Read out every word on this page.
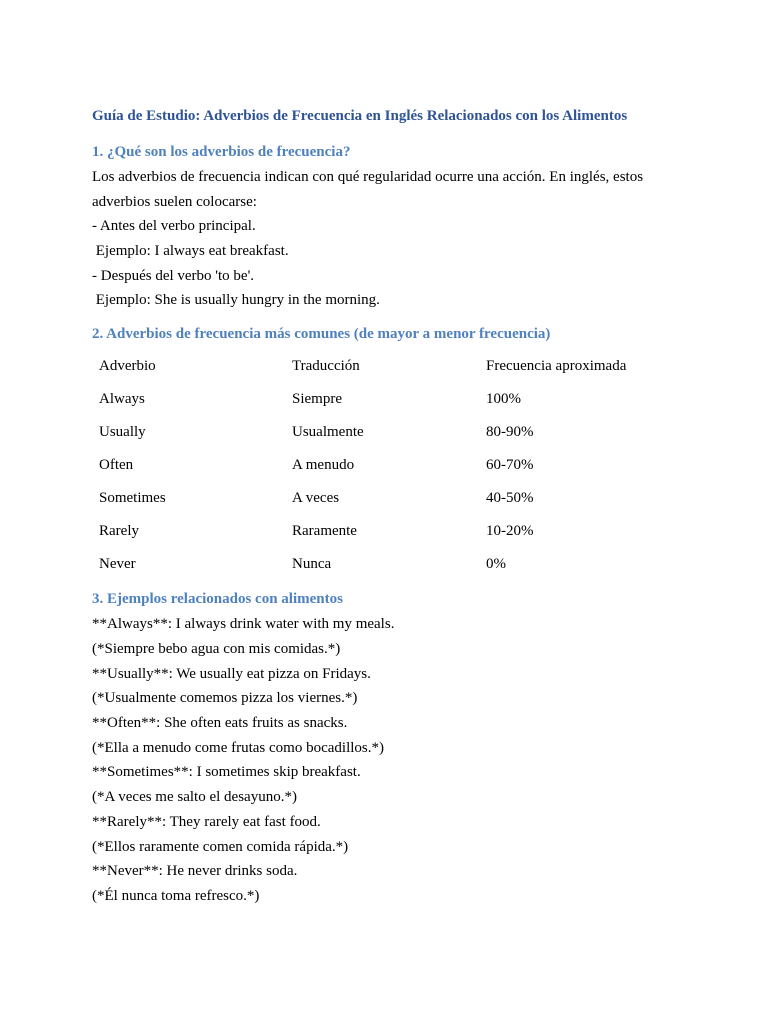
Guía de Estudio: Adverbios de Frecuencia en Inglés Relacionados con los Alimentos
1. ¿Qué son los adverbios de frecuencia?
Los adverbios de frecuencia indican con qué regularidad ocurre una acción. En inglés, estos
adverbios suelen colocarse:
- Antes del verbo principal.
Ejemplo: I always eat breakfast.
- Después del verbo 'to be'.
Ejemplo: She is usually hungry in the morning.
2. Adverbios de frecuencia más comunes (de mayor a menor frecuencia)
Adverbio	Traducción	Frecuencia aproximada
Always	Siempre	100%
Usually	Usualmente	80-90%
Often	A menudo	60-70%
Sometimes	A veces	40-50%
Rarely	Raramente	10-20%
Never	Nunca	0%
3. Ejemplos relacionados con alimentos
**Always**: I always drink water with my meals.
(*Siempre bebo agua con mis comidas.*)
**Usually**: We usually eat pizza on Fridays.
(*Usualmente comemos pizza los viernes.*)
**Often**: She often eats fruits as snacks.
(*Ella a menudo come frutas como bocadillos.*)
**Sometimes**: I sometimes skip breakfast.
(*A veces me salto el desayuno.*)
**Rarely**: They rarely eat fast food.
(*Ellos raramente comen comida rápida.*)
**Never**: He never drinks soda.
(*Él nunca toma refresco.*)
